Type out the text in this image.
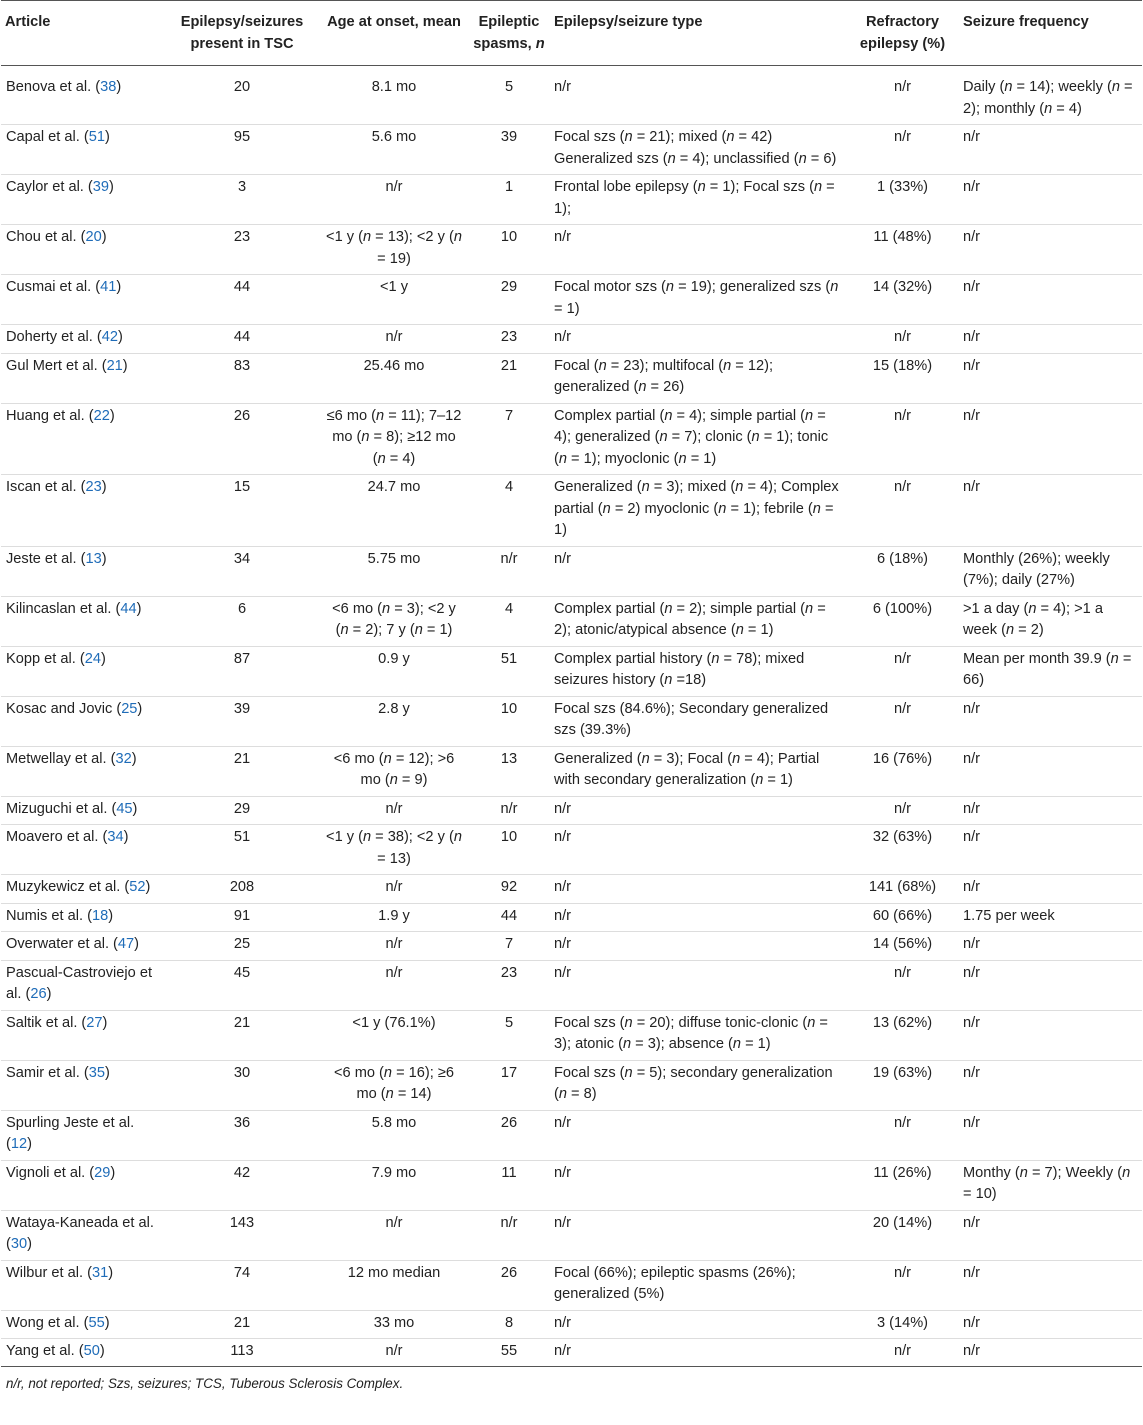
Article	Epilepsy/seizures present in TSC	Age at onset, mean	Epileptic spasms, n	Epilepsy/seizure type	Refractory epilepsy (%)	Seizure frequency
Benova et al. (38)	20	8.1 mo	5	n/r	n/r	Daily (n = 14); weekly (n = 2); monthly (n = 4)
Capal et al. (51)	95	5.6 mo	39	Focal szs (n = 21); mixed (n = 42) Generalized szs (n = 4); unclassified (n = 6)	n/r	n/r
Caylor et al. (39)	3	n/r	1	Frontal lobe epilepsy (n = 1); Focal szs (n = 1);	1 (33%)	n/r
Chou et al. (20)	23	<1 y (n = 13); <2 y (n = 19)	10	n/r	11 (48%)	n/r
Cusmai et al. (41)	44	<1 y	29	Focal motor szs (n = 19); generalized szs (n = 1)	14 (32%)	n/r
Doherty et al. (42)	44	n/r	23	n/r	n/r	n/r
Gul Mert et al. (21)	83	25.46 mo	21	Focal (n = 23); multifocal (n = 12); generalized (n = 26)	15 (18%)	n/r
Huang et al. (22)	26	≤6 mo (n = 11); 7–12 mo (n = 8); ≥12 mo (n = 4)	7	Complex partial (n = 4); simple partial (n = 4); generalized (n = 7); clonic (n = 1); tonic (n = 1); myoclonic (n = 1)	n/r	n/r
Iscan et al. (23)	15	24.7 mo	4	Generalized (n = 3); mixed (n = 4); Complex partial (n = 2) myoclonic (n = 1); febrile (n = 1)	n/r	n/r
Jeste et al. (13)	34	5.75 mo	n/r	n/r	6 (18%)	Monthly (26%); weekly (7%); daily (27%)
Kilincaslan et al. (44)	6	<6 mo (n = 3); <2 y (n = 2); 7 y (n = 1)	4	Complex partial (n = 2); simple partial (n = 2); atonic/atypical absence (n = 1)	6 (100%)	>1 a day (n = 4); >1 a week (n = 2)
Kopp et al. (24)	87	0.9 y	51	Complex partial history (n = 78); mixed seizures history (n =18)	n/r	Mean per month 39.9 (n = 66)
Kosac and Jovic (25)	39	2.8 y	10	Focal szs (84.6%); Secondary generalized szs (39.3%)	n/r	n/r
Metwellay et al. (32)	21	<6 mo (n = 12); >6 mo (n = 9)	13	Generalized (n = 3); Focal (n = 4); Partial with secondary generalization (n = 1)	16 (76%)	n/r
Mizuguchi et al. (45)	29	n/r	n/r	n/r	n/r	n/r
Moavero et al. (34)	51	<1 y (n = 38); <2 y (n = 13)	10	n/r	32 (63%)	n/r
Muzykewicz et al. (52)	208	n/r	92	n/r	141 (68%)	n/r
Numis et al. (18)	91	1.9 y	44	n/r	60 (66%)	1.75 per week
Overwater et al. (47)	25	n/r	7	n/r	14 (56%)	n/r
Pascual-Castroviejo et al. (26)	45	n/r	23	n/r	n/r	n/r
Saltik et al. (27)	21	<1 y (76.1%)	5	Focal szs (n = 20); diffuse tonic-clonic (n = 3); atonic (n = 3); absence (n = 1)	13 (62%)	n/r
Samir et al. (35)	30	<6 mo (n = 16); ≥6 mo (n = 14)	17	Focal szs (n = 5); secondary generalization (n = 8)	19 (63%)	n/r
Spurling Jeste et al. (12)	36	5.8 mo	26	n/r	n/r	n/r
Vignoli et al. (29)	42	7.9 mo	11	n/r	11 (26%)	Monthy (n = 7); Weekly (n = 10)
Wataya-Kaneada et al. (30)	143	n/r	n/r	n/r	20 (14%)	n/r
Wilbur et al. (31)	74	12 mo median	26	Focal (66%); epileptic spasms (26%); generalized (5%)	n/r	n/r
Wong et al. (55)	21	33 mo	8	n/r	3 (14%)	n/r
Yang et al. (50)	113	n/r	55	n/r	n/r	n/r
n/r, not reported; Szs, seizures; TCS, Tuberous Sclerosis Complex.
